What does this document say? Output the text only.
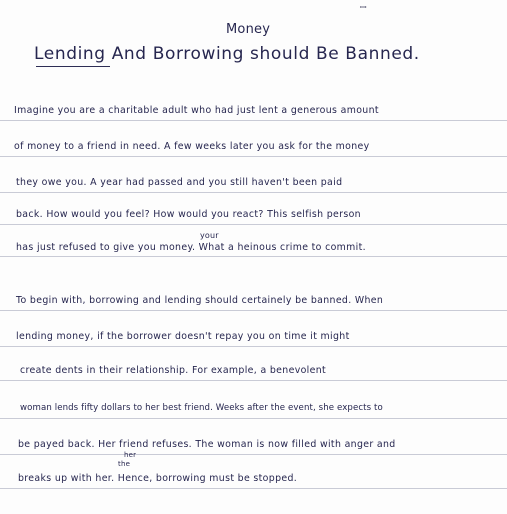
ꟷ
Money
Lending And Borrowing should Be Banned.
Imagine you are a charitable adult who had just lent a generous amount
of money to a friend in need. A few weeks later you ask for the money
they owe you. A year had passed and you still haven't been paid
back. How would you feel? How would you react? This selfish person
your
has just refused to give you money. What a heinous crime to commit.
To begin with, borrowing and lending should certainely be banned. When
lending money, if the borrower doesn't repay you on time it might
create dents in their relationship. For example, a benevolent
woman lends fifty dollars to her best friend. Weeks after the event, she expects to
be payed back. Her friend refuses. The woman is now filled with anger and
her
the
breaks up with her. Hence, borrowing must be stopped.
